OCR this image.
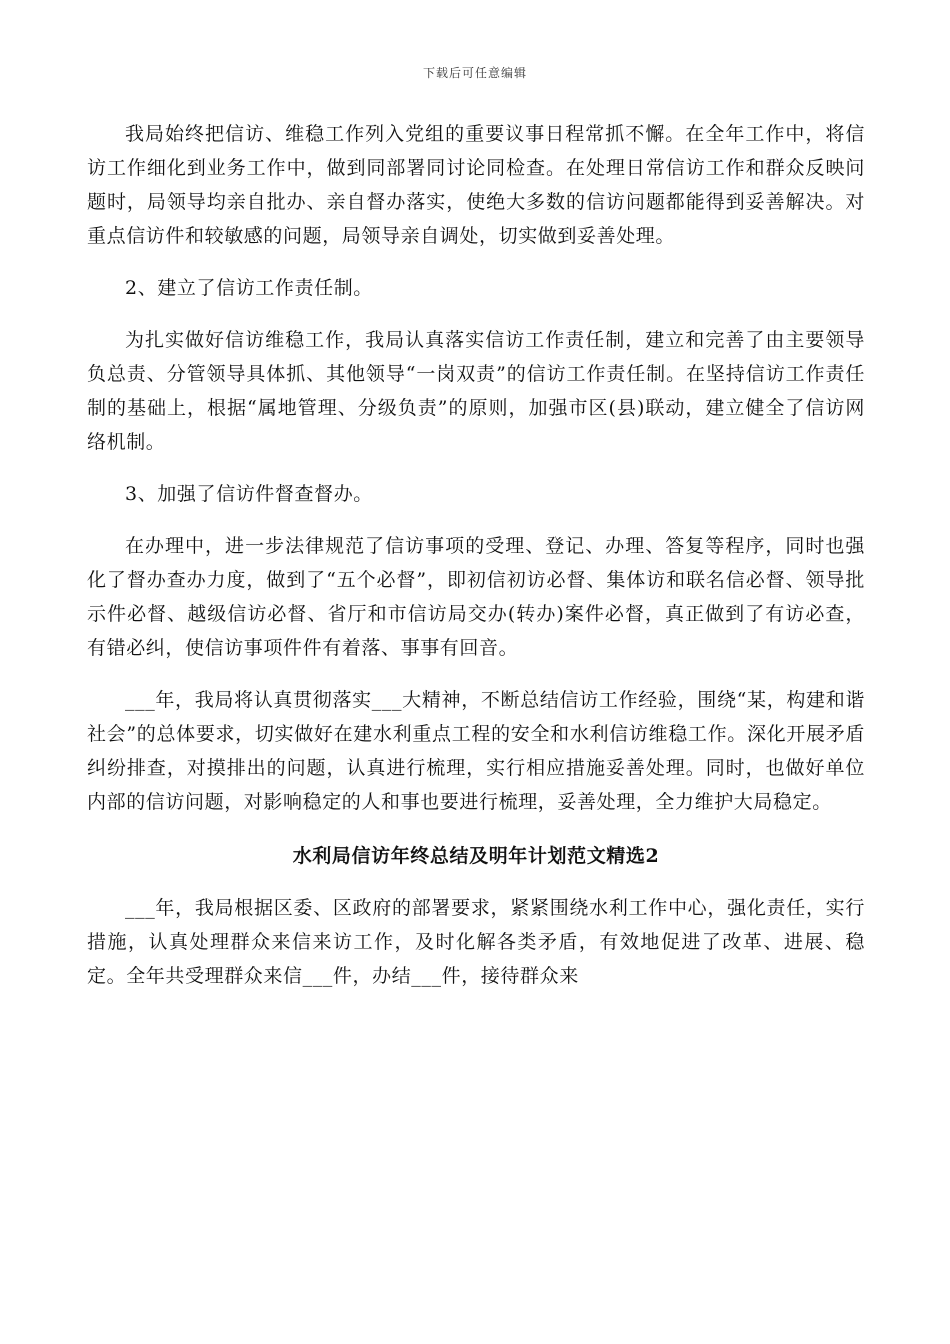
下载后可任意编辑

我局始终把信访、维稳工作列入党组的重要议事日程常抓不懈。在全年工作中，将信访工作细化到业务工作中，做到同部署同讨论同检查。在处理日常信访工作和群众反映问题时，局领导均亲自批办、亲自督办落实，使绝大多数的信访问题都能得到妥善解决。对重点信访件和较敏感的问题，局领导亲自调处，切实做到妥善处理。

2、建立了信访工作责任制。

为扎实做好信访维稳工作，我局认真落实信访工作责任制，建立和完善了由主要领导负总责、分管领导具体抓、其他领导“一岗双责”的信访工作责任制。在坚持信访工作责任制的基础上，根据“属地管理、分级负责”的原则，加强市区(县)联动，建立健全了信访网络机制。

3、加强了信访件督查督办。

在办理中，进一步法律规范了信访事项的受理、登记、办理、答复等程序，同时也强化了督办查办力度，做到了“五个必督”，即初信初访必督、集体访和联名信必督、领导批示件必督、越级信访必督、省厅和市信访局交办(转办)案件必督，真正做到了有访必查，有错必纠，使信访事项件件有着落、事事有回音。

___年，我局将认真贯彻落实___大精神，不断总结信访工作经验，围绕“某，构建和谐社会”的总体要求，切实做好在建水利重点工程的安全和水利信访维稳工作。深化开展矛盾纠纷排查，对摸排出的问题，认真进行梳理，实行相应措施妥善处理。同时，也做好单位内部的信访问题，对影响稳定的人和事也要进行梳理，妥善处理，全力维护大局稳定。

水利局信访年终总结及明年计划范文精选2

___年，我局根据区委、区政府的部署要求，紧紧围绕水利工作中心，强化责任，实行措施，认真处理群众来信来访工作，及时化解各类矛盾，有效地促进了改革、进展、稳定。全年共受理群众来信___件，办结___件，接待群众来
